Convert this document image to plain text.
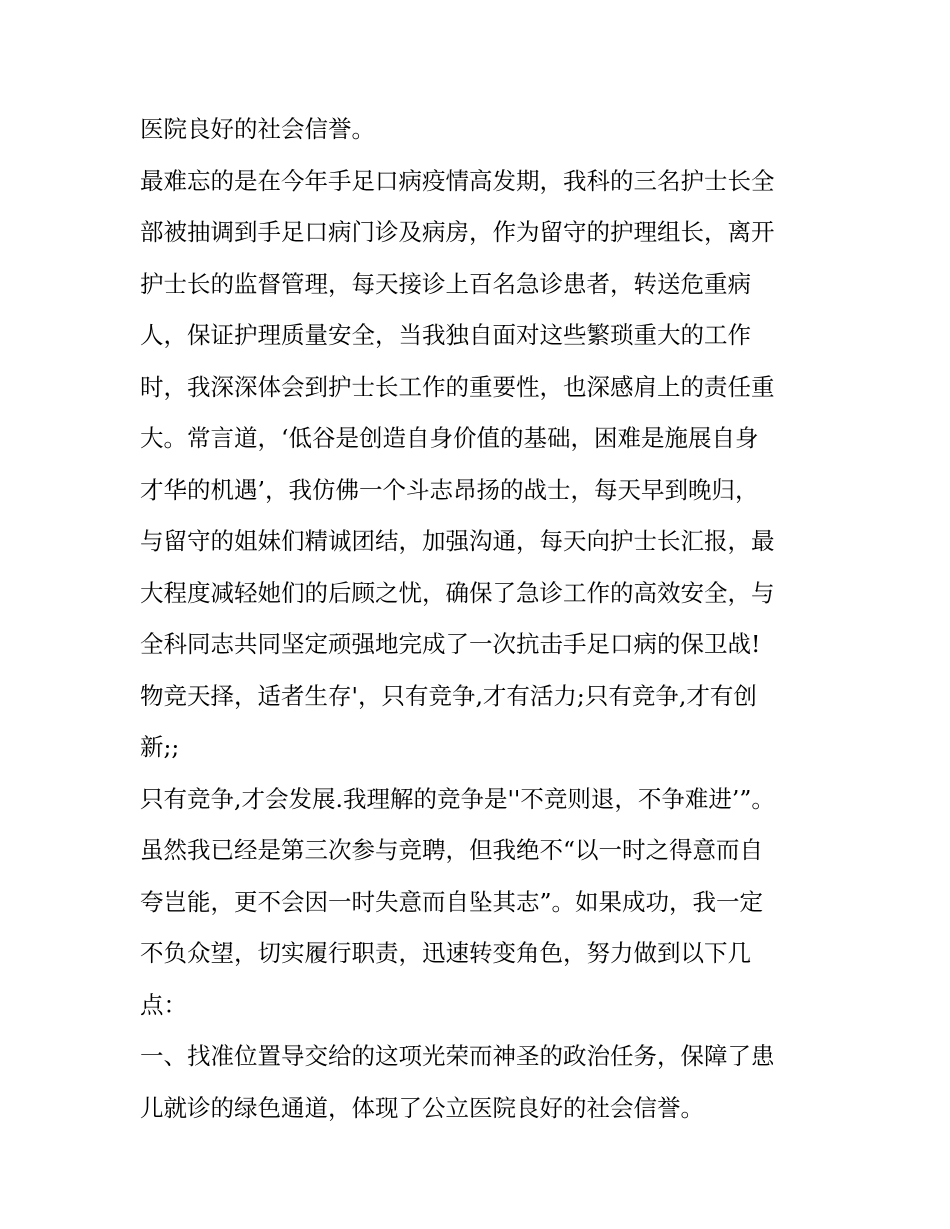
医院良好的社会信誉。
最难忘的是在今年手足口病疫情高发期，我科的三名护士长全
部被抽调到手足口病门诊及病房，作为留守的护理组长，离开
护士长的监督管理，每天接诊上百名急诊患者，转送危重病
人，保证护理质量安全，当我独自面对这些繁琐重大的工作
时，我深深体会到护士长工作的重要性，也深感肩上的责任重
大。常言道，‘低谷是创造自身价值的基础，困难是施展自身
才华的机遇’，我仿佛一个斗志昂扬的战士，每天早到晚归，
与留守的姐妹们精诚团结，加强沟通，每天向护士长汇报，最
大程度减轻她们的后顾之忧，确保了急诊工作的高效安全，与
全科同志共同坚定顽强地完成了一次抗击手足口病的保卫战!
物竞天择，适者生存'，只有竞争,才有活力;只有竞争,才有创
新;;
只有竞争,才会发展.我理解的竞争是''不竞则退，不争难进’”。
虽然我已经是第三次参与竞聘，但我绝不“以一时之得意而自
夸岂能，更不会因一时失意而自坠其志”。如果成功，我一定
不负众望，切实履行职责，迅速转变角色，努力做到以下几
点：
一、找准位置导交给的这项光荣而神圣的政治任务，保障了患
儿就诊的绿色通道，体现了公立医院良好的社会信誉。
